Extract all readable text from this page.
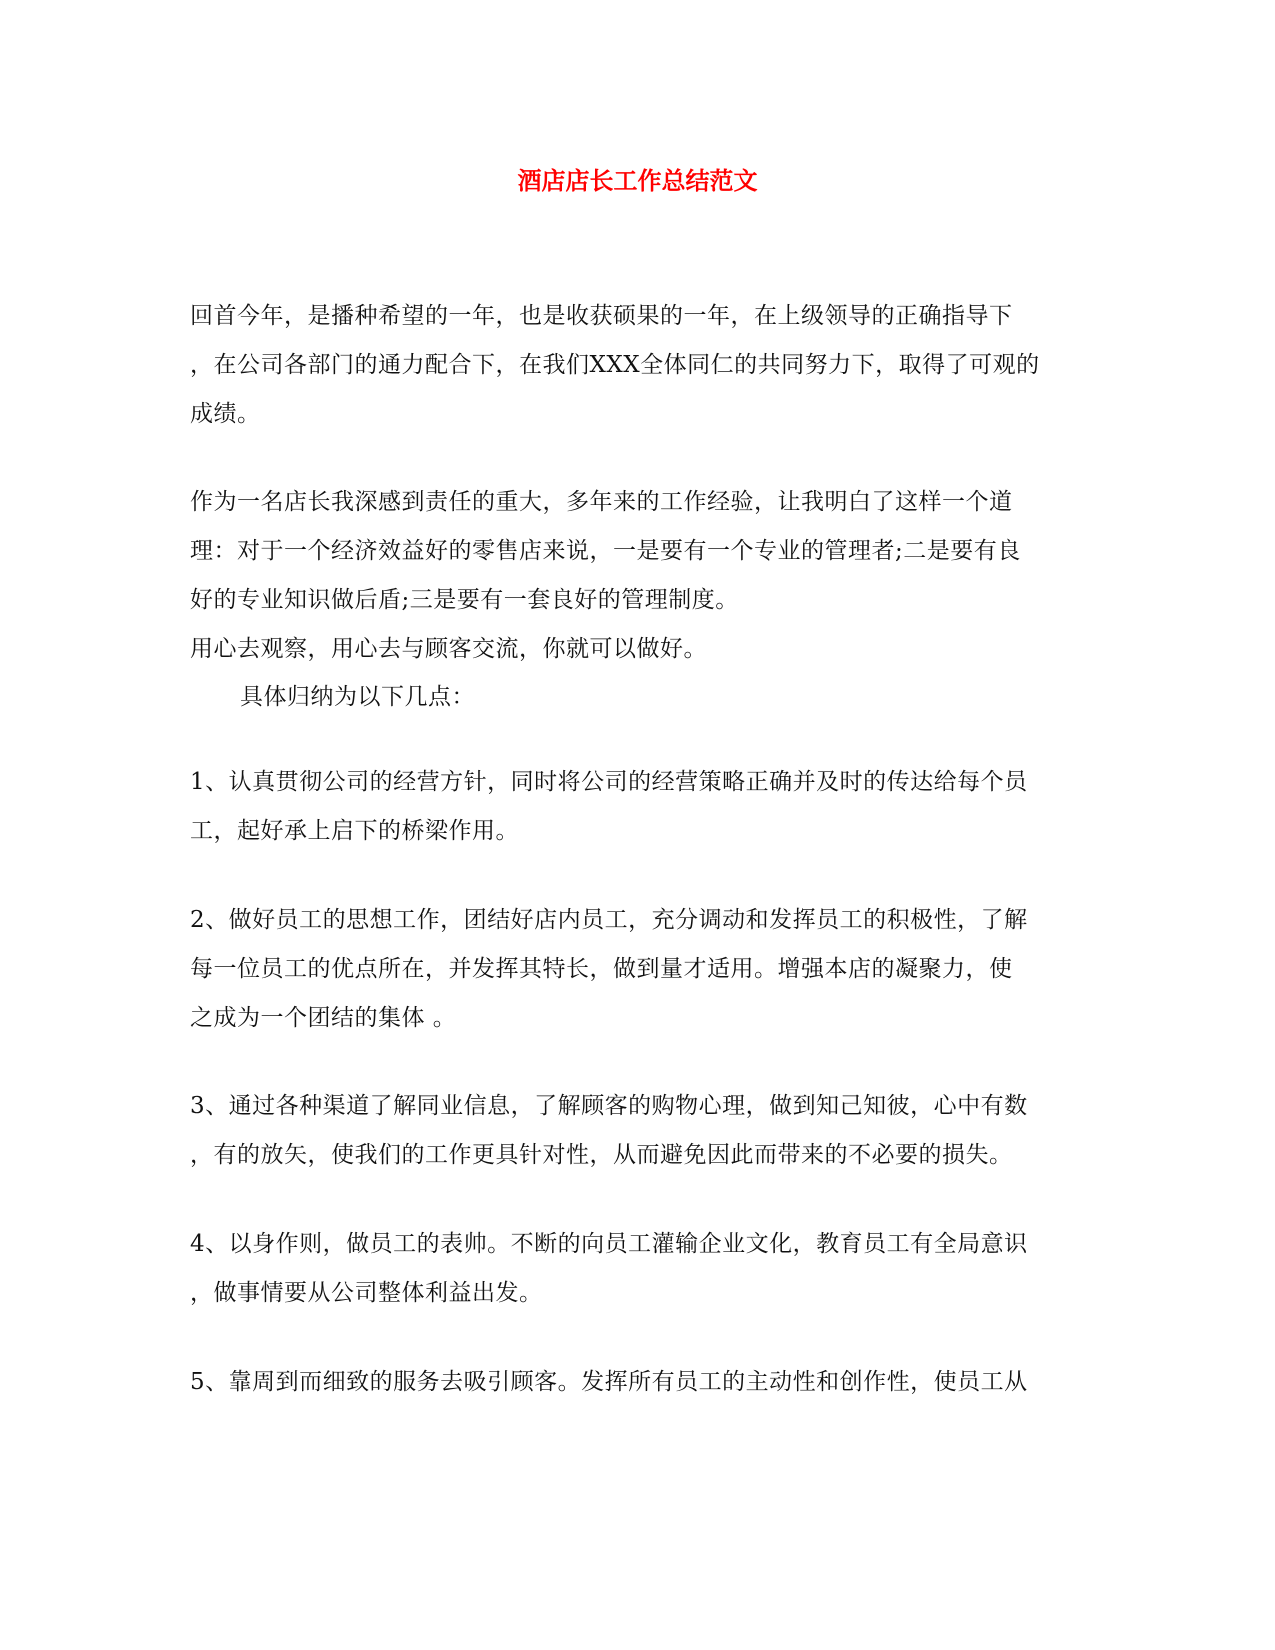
酒店店长工作总结范文
回首今年，是播种希望的一年，也是收获硕果的一年，在上级领导的正确指导下
，在公司各部门的通力配合下，在我们XXX全体同仁的共同努力下，取得了可观的
成绩。
作为一名店长我深感到责任的重大，多年来的工作经验，让我明白了这样一个道
理：对于一个经济效益好的零售店来说，一是要有一个专业的管理者;二是要有良
好的专业知识做后盾;三是要有一套良好的管理制度。
用心去观察，用心去与顾客交流，你就可以做好。
具体归纳为以下几点：
1、认真贯彻公司的经营方针，同时将公司的经营策略正确并及时的传达给每个员
工，起好承上启下的桥梁作用。
2、做好员工的思想工作，团结好店内员工，充分调动和发挥员工的积极性，了解
每一位员工的优点所在，并发挥其特长，做到量才适用。增强本店的凝聚力，使
之成为一个团结的集体 。
3、通过各种渠道了解同业信息，了解顾客的购物心理，做到知己知彼，心中有数
，有的放矢，使我们的工作更具针对性，从而避免因此而带来的不必要的损失。
4、以身作则，做员工的表帅。不断的向员工灌输企业文化，教育员工有全局意识
，做事情要从公司整体利益出发。
5、靠周到而细致的服务去吸引顾客。发挥所有员工的主动性和创作性，使员工从
